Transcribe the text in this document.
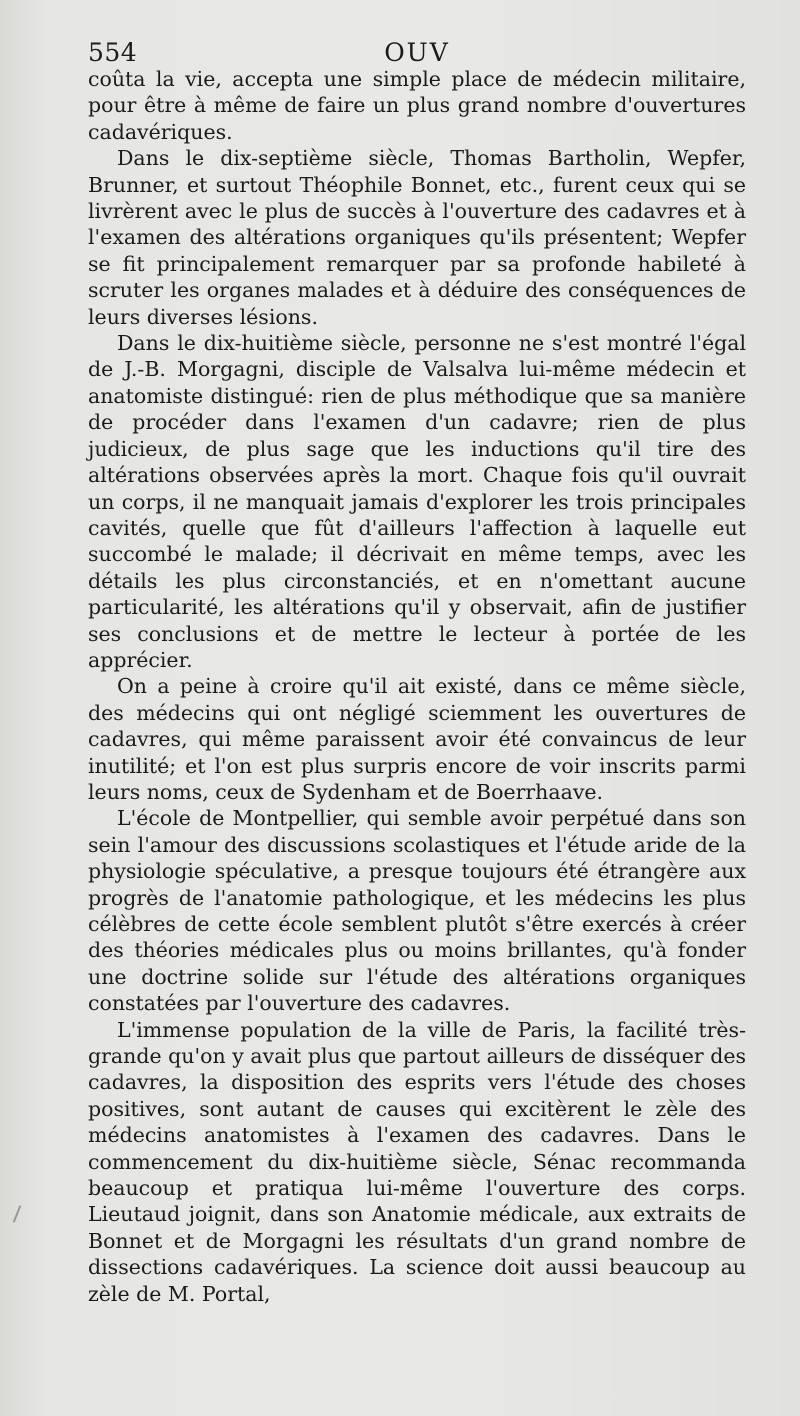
554	OUV

coûta la vie, accepta une simple place de médecin militaire, pour être à même de faire un plus grand nombre d'ouvertures cadavériques.

Dans le dix-septième siècle, Thomas Bartholin, Wepfer, Brunner, et surtout Théophile Bonnet, etc., furent ceux qui se livrèrent avec le plus de succès à l'ouverture des cadavres et à l'examen des altérations organiques qu'ils présentent; Wepfer se fit principalement remarquer par sa profonde habileté à scruter les organes malades et à déduire des conséquences de leurs diverses lésions.

Dans le dix-huitième siècle, personne ne s'est montré l'égal de J.-B. Morgagni, disciple de Valsalva lui-même médecin et anatomiste distingué: rien de plus méthodique que sa manière de procéder dans l'examen d'un cadavre; rien de plus judicieux, de plus sage que les inductions qu'il tire des altérations observées après la mort. Chaque fois qu'il ouvrait un corps, il ne manquait jamais d'explorer les trois principales cavités, quelle que fût d'ailleurs l'affection à laquelle eut succombé le malade; il décrivait en même temps, avec les détails les plus circonstanciés, et en n'omettant aucune particularité, les altérations qu'il y observait, afin de justifier ses conclusions et de mettre le lecteur à portée de les apprécier.

On a peine à croire qu'il ait existé, dans ce même siècle, des médecins qui ont négligé sciemment les ouvertures de cadavres, qui même paraissent avoir été convaincus de leur inutilité; et l'on est plus surpris encore de voir inscrits parmi leurs noms, ceux de Sydenham et de Boerrhaave.

L'école de Montpellier, qui semble avoir perpétué dans son sein l'amour des discussions scolastiques et l'étude aride de la physiologie spéculative, a presque toujours été étrangère aux progrès de l'anatomie pathologique, et les médecins les plus célèbres de cette école semblent plutôt s'être exercés à créer des théories médicales plus ou moins brillantes, qu'à fonder une doctrine solide sur l'étude des altérations organiques constatées par l'ouverture des cadavres.

L'immense population de la ville de Paris, la facilité très-grande qu'on y avait plus que partout ailleurs de disséquer des cadavres, la disposition des esprits vers l'étude des choses positives, sont autant de causes qui excitèrent le zèle des médecins anatomistes à l'examen des cadavres. Dans le commencement du dix-huitième siècle, Sénac recommanda beaucoup et pratiqua lui-même l'ouverture des corps. Lieutaud joignit, dans son Anatomie médicale, aux extraits de Bonnet et de Morgagni les résultats d'un grand nombre de dissections cadavériques. La science doit aussi beaucoup au zèle de M. Portal,
